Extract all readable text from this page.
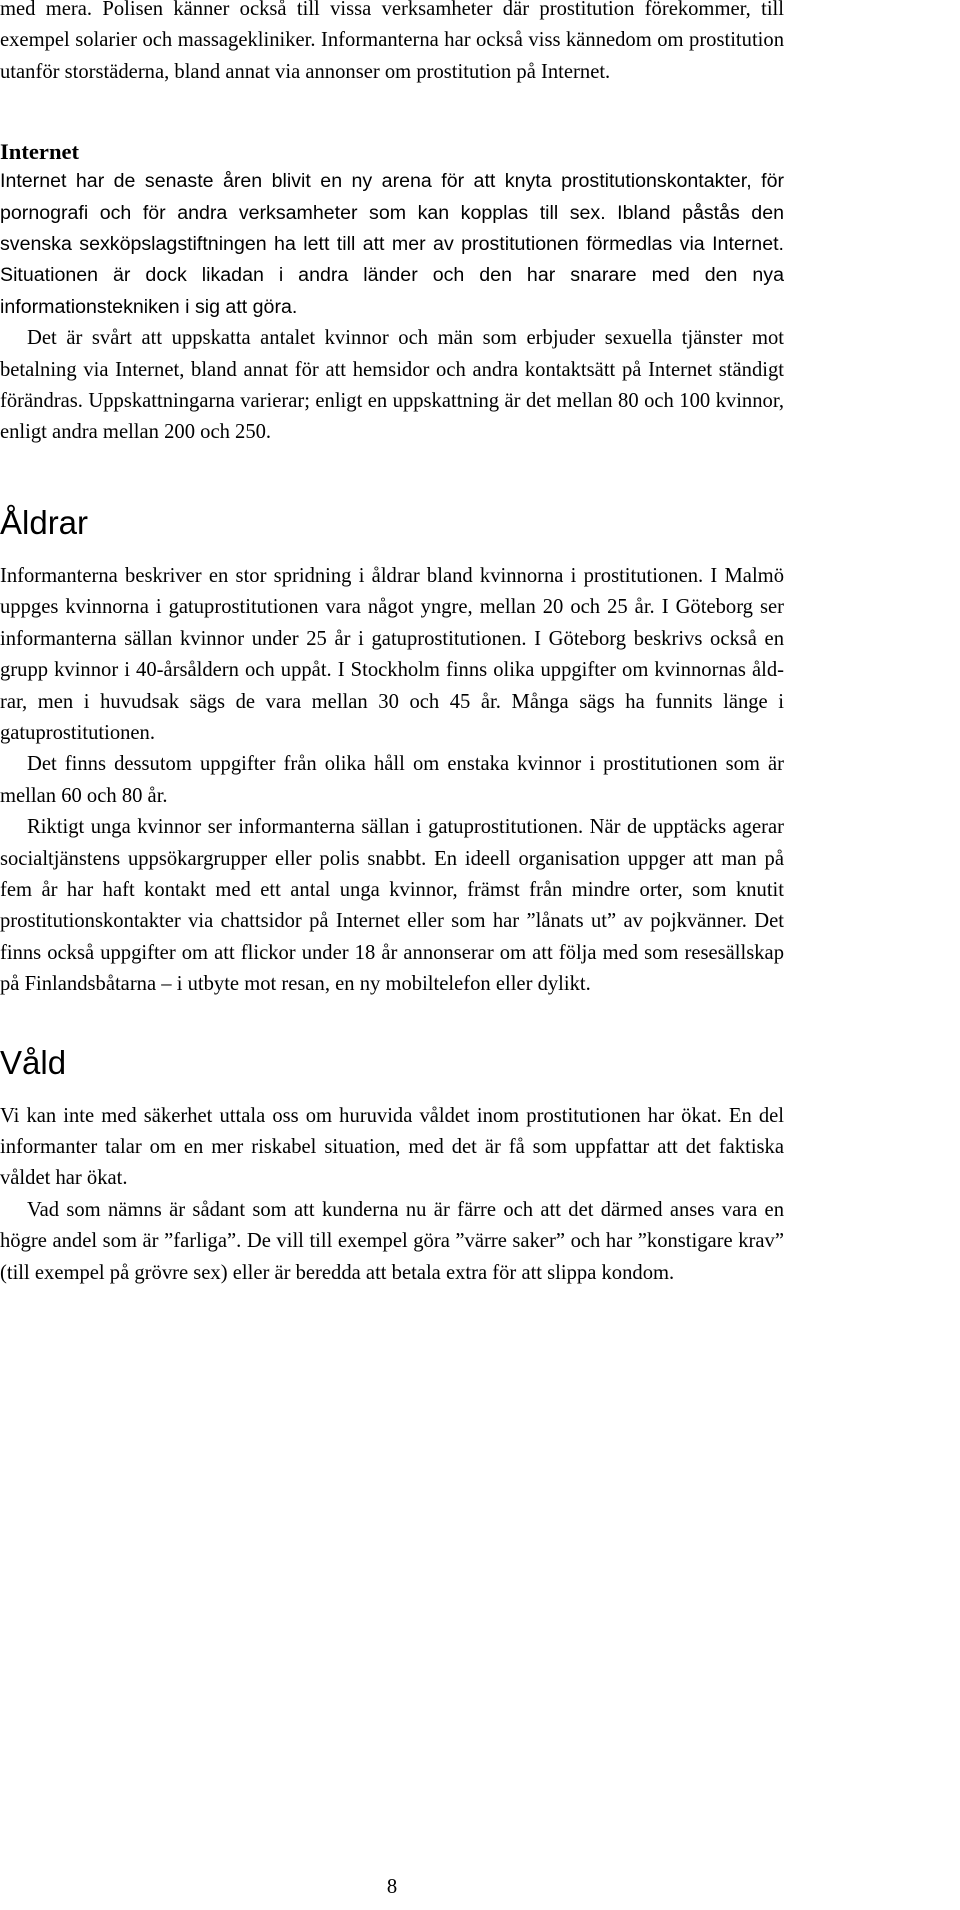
med mera. Polisen känner också till vissa verksamheter där prostitution förekommer, till exempel solarier och massagekliniker. Informanterna har också viss kännedom om prostitution utanför storstäderna, bland annat via annonser om prostitution på Internet.

Internet

Internet har de senaste åren blivit en ny arena för att knyta prostitutionskontakter, för pornografi och för andra verksamheter som kan kopplas till sex. Ibland påstås den svenska sexköpslagstiftningen ha lett till att mer av prostitutionen förmedlas via Internet. Situationen är dock likadan i andra länder och den har snarare med den nya informationstekniken i sig att göra.

Det är svårt att uppskatta antalet kvinnor och män som erbjuder sexuella tjänster mot betalning via Internet, bland annat för att hemsidor och andra kontaktsätt på Internet ständigt förändras. Uppskattningarna varierar; enligt en uppskattning är det mellan 80 och 100 kvinnor, enligt andra mellan 200 och 250.

Åldrar

Informanterna beskriver en stor spridning i åldrar bland kvinnorna i prostitutionen. I Malmö uppges kvinnorna i gatuprostitutionen vara något yngre, mellan 20 och 25 år. I Göteborg ser informanterna sällan kvinnor under 25 år i gatuprostitutionen. I Göteborg beskrivs också en grupp kvinnor i 40-årsåldern och uppåt. I Stockholm finns olika uppgifter om kvinnornas åldrar, men i huvudsak sägs de vara mellan 30 och 45 år. Många sägs ha funnits länge i gatuprostitutionen.

Det finns dessutom uppgifter från olika håll om enstaka kvinnor i prostitutionen som är mellan 60 och 80 år.

Riktigt unga kvinnor ser informanterna sällan i gatuprostitutionen. När de upptäcks agerar socialtjänstens uppsökargrupper eller polis snabbt. En ideell organisation uppger att man på fem år har haft kontakt med ett antal unga kvinnor, främst från mindre orter, som knutit prostitutionskontakter via chattsidor på Internet eller som har ”lånats ut” av pojkvänner. Det finns också uppgifter om att flickor under 18 år annonserar om att följa med som resesällskap på Finlandsbåtarna – i utbyte mot resan, en ny mobiltelefon eller dylikt.

Våld

Vi kan inte med säkerhet uttala oss om huruvida våldet inom prostitutionen har ökat. En del informanter talar om en mer riskabel situation, med det är få som uppfattar att det faktiska våldet har ökat.

Vad som nämns är sådant som att kunderna nu är färre och att det därmed anses vara en högre andel som är ”farliga”. De vill till exempel göra ”värre saker” och har ”konstigare krav” (till exempel på grövre sex) eller är beredda att betala extra för att slippa kondom.

8
